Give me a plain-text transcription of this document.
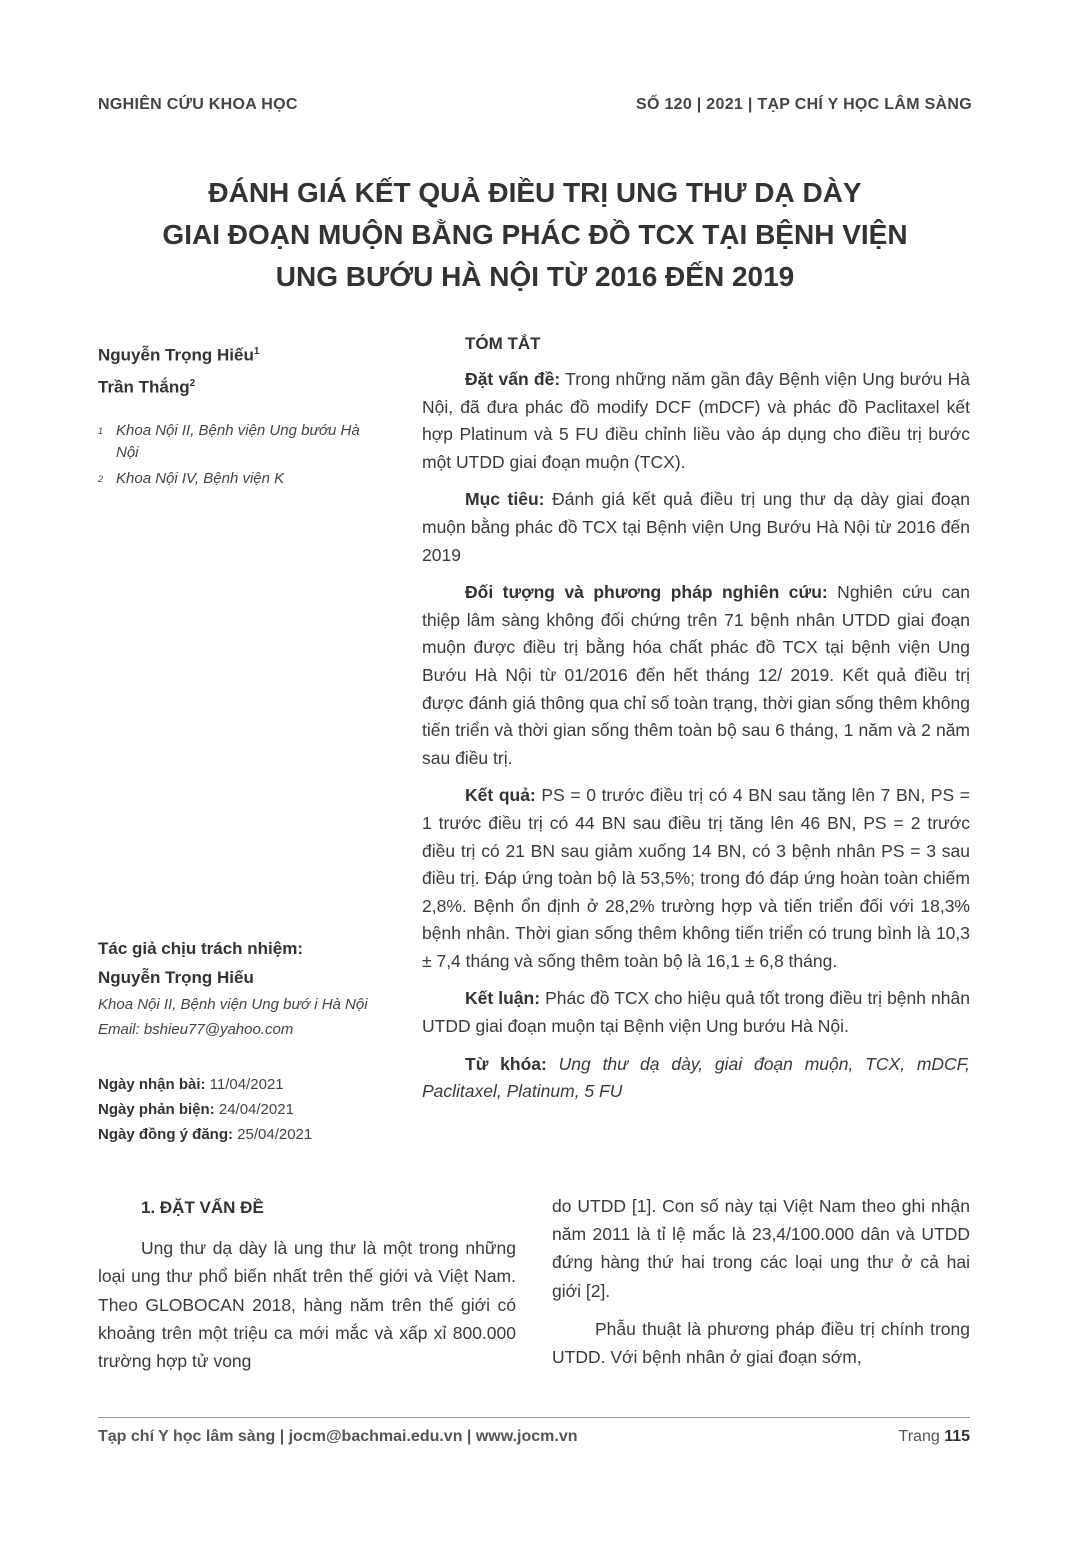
NGHIÊN CỨU KHOA HỌC	SỐ 120 | 2021 | TẠP CHÍ Y HỌC LÂM SÀNG
ĐÁNH GIÁ KẾT QUẢ ĐIỀU TRỊ UNG THƯ DẠ DÀY
GIAI ĐOẠN MUỘN BẰNG PHÁC ĐỒ TCX TẠI BỆNH VIỆN
UNG BƯỚU HÀ NỘI TỪ 2016 ĐẾN 2019
Nguyễn Trọng Hiếu$^1$
Trần Thắng$^2$
1 Khoa Nội II, Bệnh viện Ung bướu Hà Nội
2 Khoa Nội IV, Bệnh viện K
Tác giả chịu trách nhiệm:
Nguyễn Trọng Hiếu
Khoa Nội II, Bệnh viện Ung bướ i Hà Nội
Email: bshieu77@yahoo.com
Ngày nhận bài: 11/04/2021
Ngày phản biện: 24/04/2021
Ngày đồng ý đăng: 25/04/2021
TÓM TẮT

Đặt vấn đề: Trong những năm gần đây Bệnh viện Ung bướu Hà Nội, đã đưa phác đồ modify DCF (mDCF) và phác đồ Paclitaxel kết hợp Platinum và 5 FU điều chỉnh liều vào áp dụng cho điều trị bước một UTDD giai đoạn muộn (TCX).

Mục tiêu: Đánh giá kết quả điều trị ung thư dạ dày giai đoạn muộn bằng phác đồ TCX tại Bệnh viện Ung Bướu Hà Nội từ 2016 đến 2019

Đối tượng và phương pháp nghiên cứu: Nghiên cứu can thiệp lâm sàng không đối chứng trên 71 bệnh nhân UTDD giai đoạn muộn được điều trị bằng hóa chất phác đồ TCX tại bệnh viện Ung Bướu Hà Nội từ 01/2016 đến hết tháng 12/ 2019. Kết quả điều trị được đánh giá thông qua chỉ số toàn trạng, thời gian sống thêm không tiến triển và thời gian sống thêm toàn bộ sau 6 tháng, 1 năm và 2 năm sau điều trị.

Kết quả: PS = 0 trước điều trị có 4 BN sau tăng lên 7 BN, PS = 1 trước điều trị có 44 BN sau điều trị tăng lên 46 BN, PS = 2 trước điều trị có 21 BN sau giảm xuống 14 BN, có 3 bệnh nhân PS = 3 sau điều trị. Đáp ứng toàn bộ là 53,5%; trong đó đáp ứng hoàn toàn chiếm 2,8%. Bệnh ổn định ở 28,2% trường hợp và tiến triển đối với 18,3% bệnh nhân. Thời gian sống thêm không tiến triển có trung bình là 10,3 ± 7,4 tháng và sống thêm toàn bộ là 16,1 ± 6,8 tháng.

Kết luận: Phác đồ TCX cho hiệu quả tốt trong điều trị bệnh nhân UTDD giai đoạn muộn tại Bệnh viện Ung bướu Hà Nội.

Từ khóa: Ung thư dạ dày, giai đoạn muộn, TCX, mDCF, Paclitaxel, Platinum, 5 FU

1. ĐẶT VẤN ĐỀ

Ung thư dạ dày là ung thư là một trong những loại ung thư phổ biến nhất trên thế giới và Việt Nam. Theo GLOBOCAN 2018, hàng năm trên thế giới có khoảng trên một triệu ca mới mắc và xấp xỉ 800.000 trường hợp tử vong

do UTDD [1]. Con số này tại Việt Nam theo ghi nhận năm 2011 là tỉ lệ mắc là 23,4/100.000 dân và UTDD đứng hàng thứ hai trong các loại ung thư ở cả hai giới [2].

Phẫu thuật là phương pháp điều trị chính trong UTDD. Với bệnh nhân ở giai đoạn sớm,

Tạp chí Y học lâm sàng | jocm@bachmai.edu.vn | www.jocm.vn	Trang 115
